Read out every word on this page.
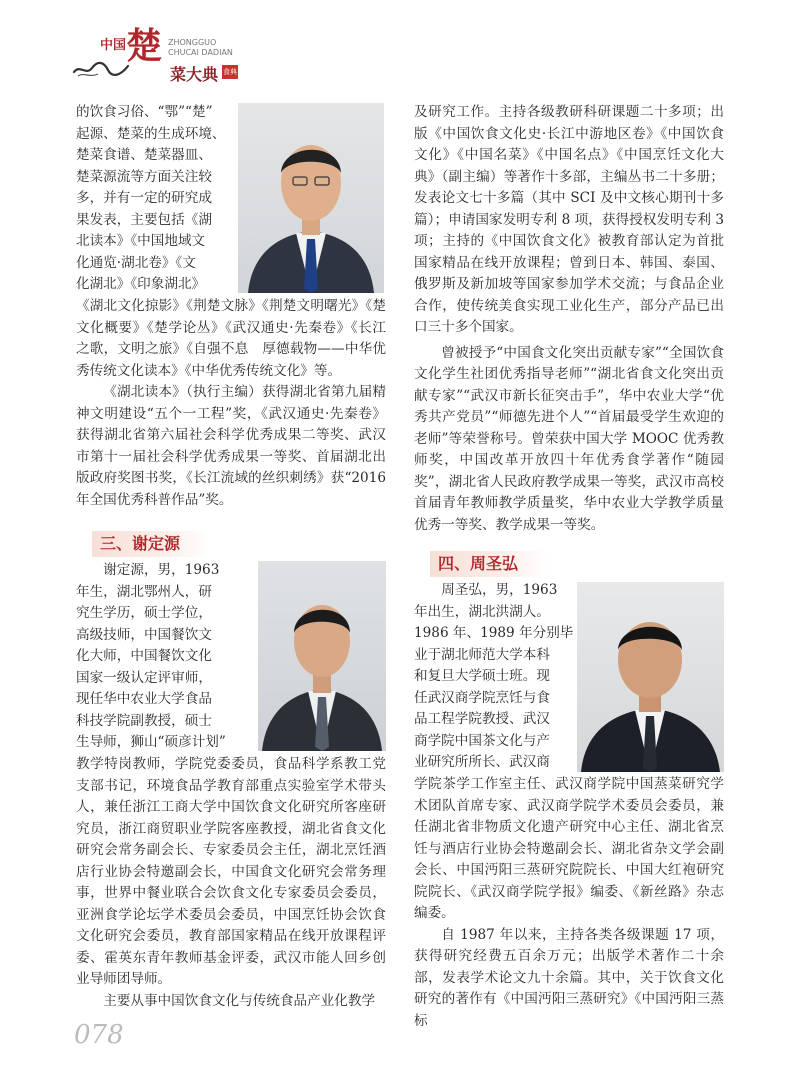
中国 楚 ZHONGGUO
CHUCAI DADIAN
菜大典 食典
的饮食习俗、“鄂”“楚”
起源、楚菜的生成环境、
楚菜食谱、楚菜器皿、
楚菜源流等方面关注较
多，并有一定的研究成
果发表，主要包括《湖
北读本》《中国地域文
化通览·湖北卷》《文
化湖北》《印象湖北》

《湖北文化掠影》《荆楚文脉》《荆楚文明曙光》《楚文化概要》《楚学论丛》《武汉通史·先秦卷》《长江之歌，文明之旅》《自强不息　厚德载物——中华优秀传统文化读本》《中华优秀传统文化》等。

《湖北读本》（执行主编）获得湖北省第九届精神文明建设“五个一工程”奖，《武汉通史·先秦卷》获得湖北省第六届社会科学优秀成果二等奖、武汉市第十一届社会科学优秀成果一等奖、首届湖北出版政府奖图书奖，《长江流域的丝织刺绣》获“2016 年全国优秀科普作品”奖。

三、谢定源
谢定源，男，1963
年生，湖北鄂州人，研
究生学历，硕士学位，
高级技师，中国餐饮文
化大师，中国餐饮文化
国家一级认定评审师，
现任华中农业大学食品
科技学院副教授，硕士
生导师，狮山“硕彦计划”

教学特岗教师，学院党委委员，食品科学系教工党支部书记，环境食品学教育部重点实验室学术带头人，兼任浙江工商大学中国饮食文化研究所客座研究员，浙江商贸职业学院客座教授，湖北省食文化研究会常务副会长、专家委员会主任，湖北烹饪酒店行业协会特邀副会长，中国食文化研究会常务理事，世界中餐业联合会饮食文化专家委员会委员，亚洲食学论坛学术委员会委员，中国烹饪协会饮食文化研究会委员，教育部国家精品在线开放课程评委、霍英东青年教师基金评委，武汉市能人回乡创业导师团导师。

主要从事中国饮食文化与传统食品产业化教学

及研究工作。主持各级教研科研课题二十多项；出版《中国饮食文化史·长江中游地区卷》《中国饮食文化》《中国名菜》《中国名点》《中国烹饪文化大典》（副主编）等著作十多部，主编丛书二十多册；发表论文七十多篇（其中 SCI 及中文核心期刊十多篇）；申请国家发明专利 8 项，获得授权发明专利 3 项；主持的《中国饮食文化》被教育部认定为首批国家精品在线开放课程；曾到日本、韩国、泰国、俄罗斯及新加坡等国家参加学术交流；与食品企业合作，使传统美食实现工业化生产，部分产品已出口三十多个国家。

曾被授予“中国食文化突出贡献专家”“全国饮食文化学生社团优秀指导老师”“湖北省食文化突出贡献专家”“武汉市新长征突击手”，华中农业大学“优秀共产党员”“师德先进个人”“首届最受学生欢迎的老师”等荣誉称号。曾荣获中国大学 MOOC 优秀教师奖，中国改革开放四十年优秀食学著作“随园奖”，湖北省人民政府教学成果一等奖，武汉市高校首届青年教师教学质量奖，华中农业大学教学质量优秀一等奖、教学成果一等奖。

四、周圣弘
周圣弘，男，1963
年出生，湖北洪湖人。
1986 年、1989 年分别毕
业于湖北师范大学本科
和复旦大学硕士班。现
任武汉商学院烹饪与食
品工程学院教授、武汉
商学院中国茶文化与产
业研究所所长、武汉商

学院茶学工作室主任、武汉商学院中国蒸菜研究学术团队首席专家、武汉商学院学术委员会委员，兼任湖北省非物质文化遗产研究中心主任、湖北省烹饪与酒店行业协会特邀副会长、湖北省杂文学会副会长、中国沔阳三蒸研究院院长、中国大红袍研究院院长、《武汉商学院学报》编委、《新丝路》杂志编委。

自 1987 年以来，主持各类各级课题 17 项，获得研究经费五百余万元；出版学术著作二十余部，发表学术论文九十余篇。其中，关于饮食文化研究的著作有《中国沔阳三蒸研究》《中国沔阳三蒸标

078
